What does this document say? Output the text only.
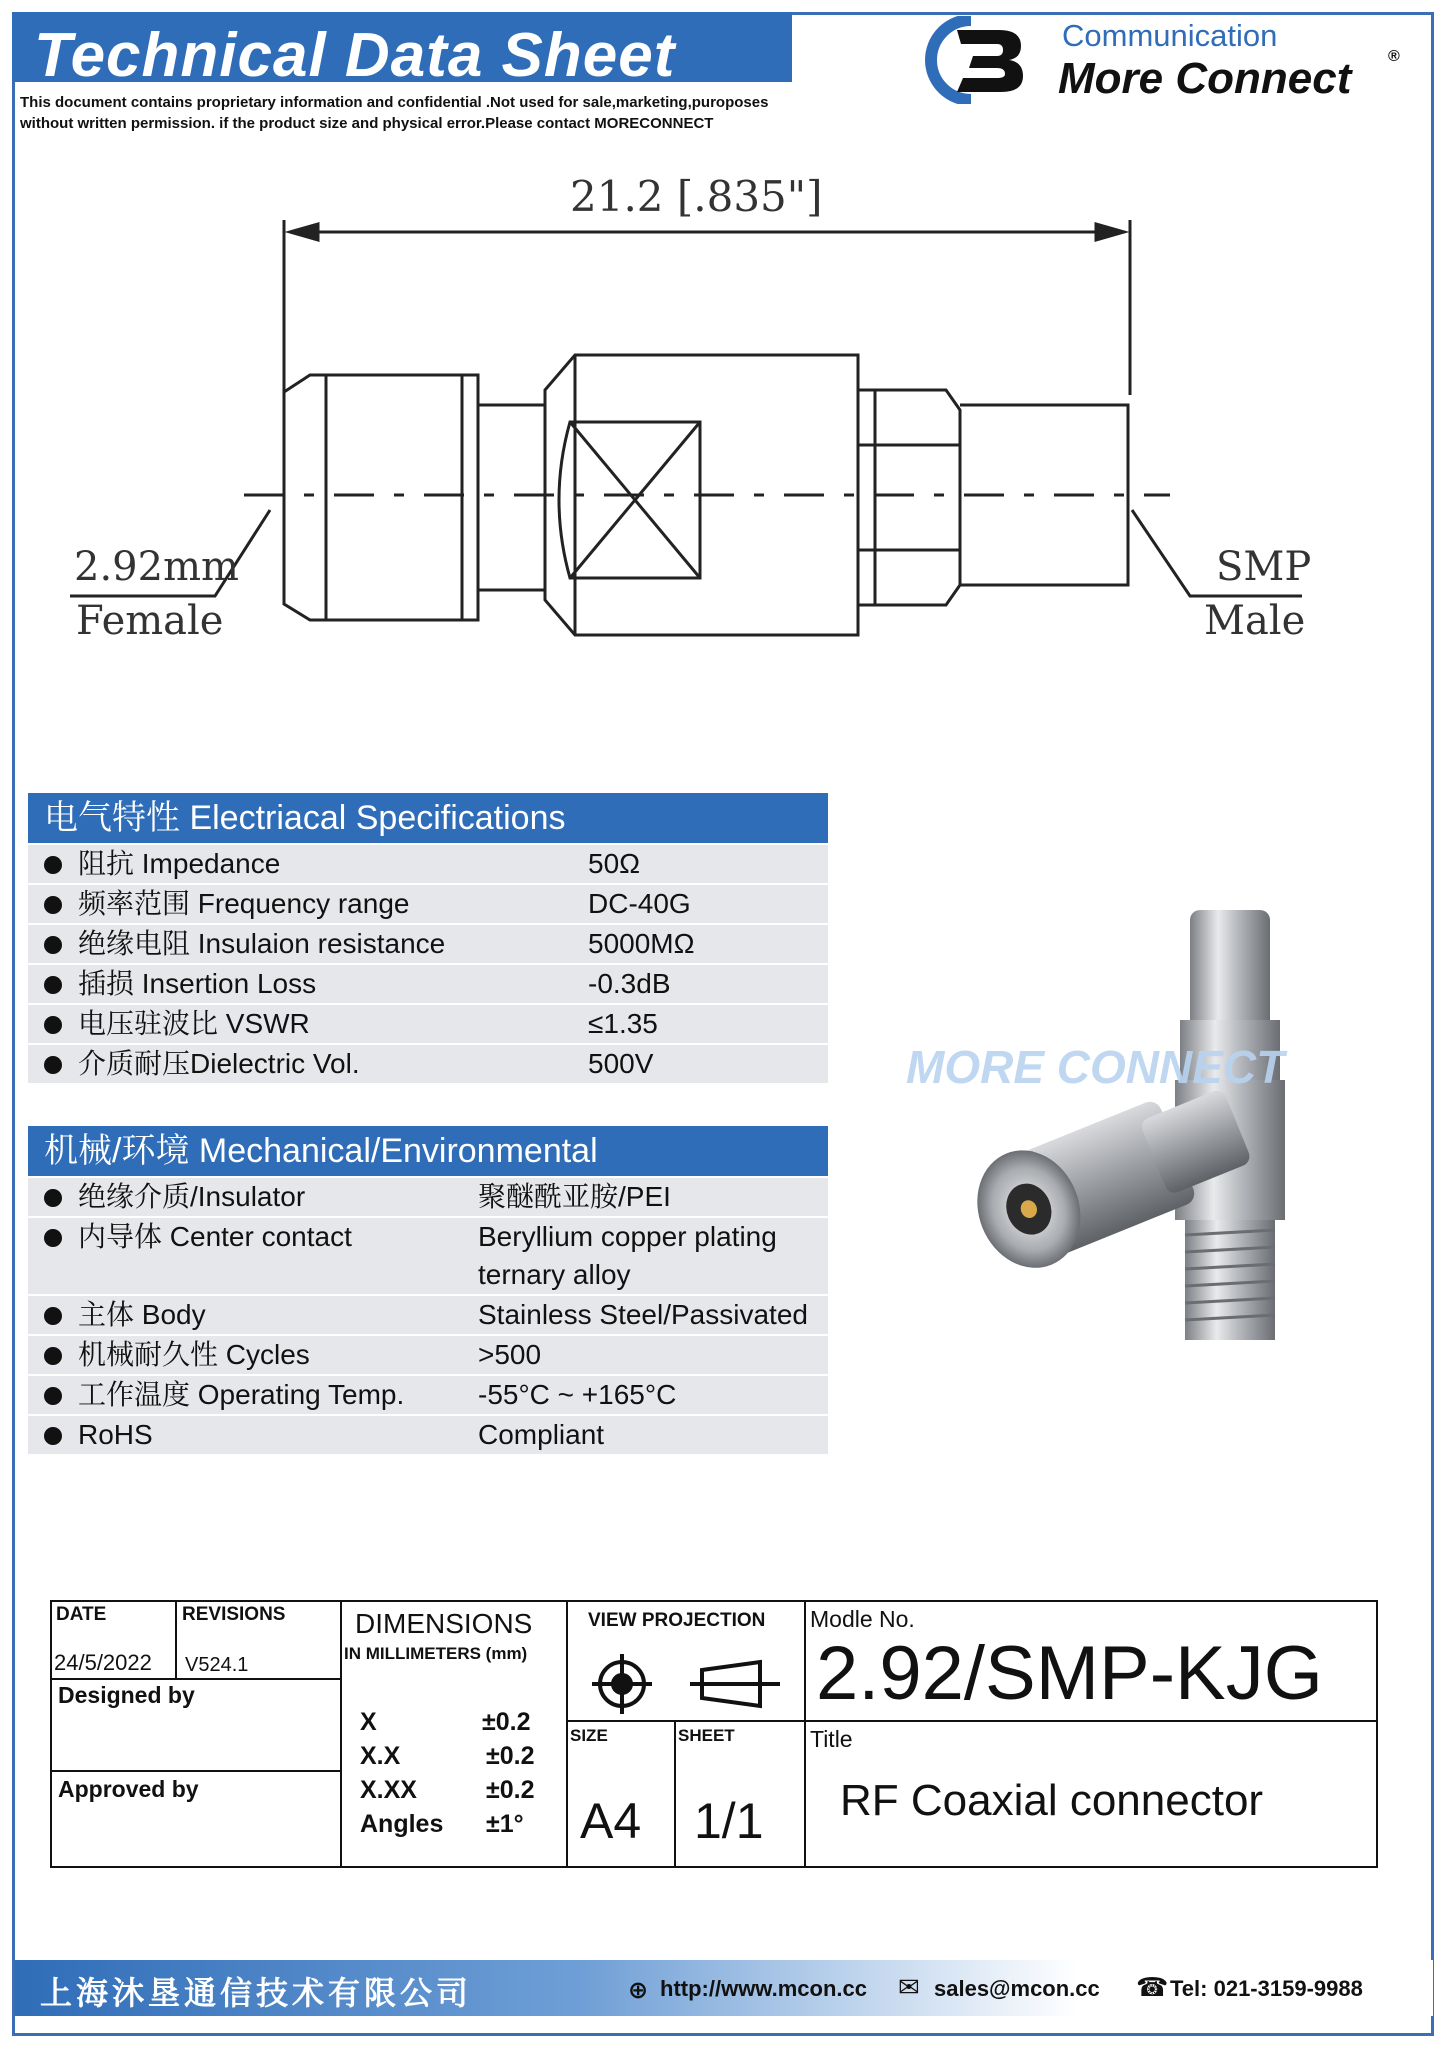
Technical Data Sheet
This document contains proprietary information and confidential .Not used for sale,marketing,puroposes
without written permission. if the product size and physical error.Please contact MORECONNECT
Communication
More Connect ®
21.2 [.835"]
2.92mm
Female
SMP
Male
电气特性 Electriacal Specifications
阻抗 Impedance	50Ω
频率范围 Frequency range	DC-40G
绝缘电阻 Insulaion resistance	5000MΩ
插损 Insertion Loss	-0.3dB
电压驻波比 VSWR	≤1.35
介质耐压Dielectric Vol.	500V
机械/环境 Mechanical/Environmental
绝缘介质/Insulator	聚醚酰亚胺/PEI
内导体 Center contact	Beryllium copper plating
ternary alloy
主体 Body	Stainless Steel/Passivated
机械耐久性 Cycles	>500
工作温度 Operating Temp.	-55°C ~ +165°C
RoHS	Compliant
MORE CONNECT
DATE
24/5/2022
REVISIONS
V524.1
Designed by
Approved by
DIMENSIONS
IN MILLIMETERS (mm)
X	±0.2
X.X	±0.2
X.XX	±0.2
Angles ±1°
VIEW PROJECTION
SIZE
A4
SHEET
1/1
Modle No.
2.92/SMP-KJG
Title
RF Coaxial connector
上海沐垦通信技术有限公司	⊕ http://www.mcon.cc ✉ sales@mcon.cc ☎ Tel: 021-3159-9988
